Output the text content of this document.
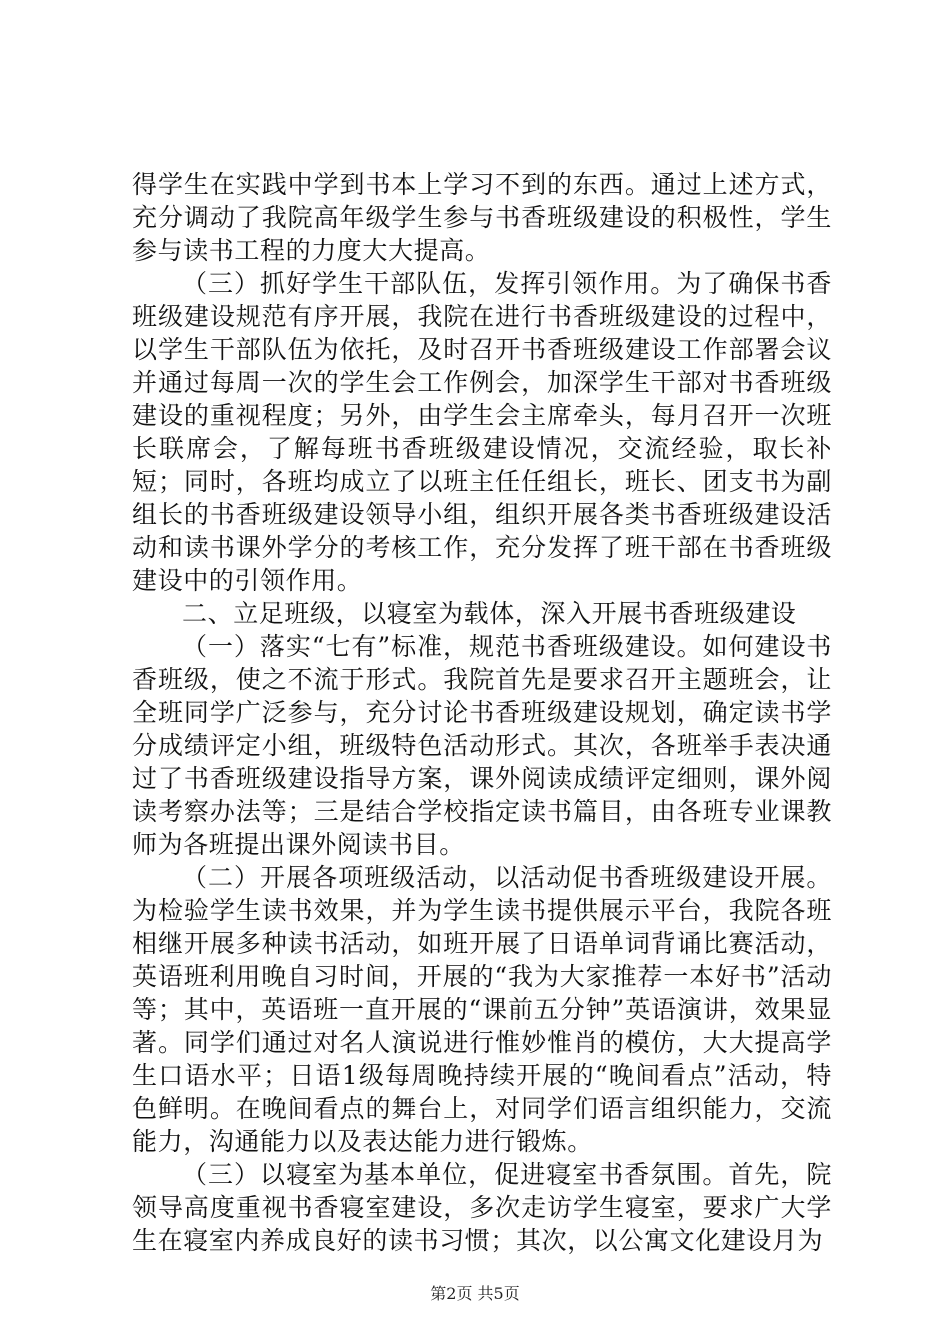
得学生在实践中学到书本上学习不到的东西。通过上述方式，充分调动了我院高年级学生参与书香班级建设的积极性，学生参与读书工程的力度大大提高。

（三）抓好学生干部队伍，发挥引领作用。为了确保书香班级建设规范有序开展，我院在进行书香班级建设的过程中，以学生干部队伍为依托，及时召开书香班级建设工作部署会议并通过每周一次的学生会工作例会，加深学生干部对书香班级建设的重视程度；另外，由学生会主席牵头，每月召开一次班长联席会，了解每班书香班级建设情况，交流经验，取长补短；同时，各班均成立了以班主任任组长，班长、团支书为副组长的书香班级建设领导小组，组织开展各类书香班级建设活动和读书课外学分的考核工作，充分发挥了班干部在书香班级建设中的引领作用。

二、立足班级，以寝室为载体，深入开展书香班级建设

（一）落实“七有”标准，规范书香班级建设。如何建设书香班级，使之不流于形式。我院首先是要求召开主题班会，让全班同学广泛参与，充分讨论书香班级建设规划，确定读书学分成绩评定小组，班级特色活动形式。其次，各班举手表决通过了书香班级建设指导方案，课外阅读成绩评定细则，课外阅读考察办法等；三是结合学校指定读书篇目，由各班专业课教师为各班提出课外阅读书目。

（二）开展各项班级活动，以活动促书香班级建设开展。为检验学生读书效果，并为学生读书提供展示平台，我院各班相继开展多种读书活动，如班开展了日语单词背诵比赛活动，英语班利用晚自习时间，开展的“我为大家推荐一本好书”活动等；其中，英语班一直开展的“课前五分钟”英语演讲，效果显著。同学们通过对名人演说进行惟妙惟肖的模仿，大大提高学生口语水平；日语1级每周晚持续开展的“晚间看点”活动，特色鲜明。在晚间看点的舞台上，对同学们语言组织能力，交流能力，沟通能力以及表达能力进行锻炼。

（三）以寝室为基本单位，促进寝室书香氛围。首先，院领导高度重视书香寝室建设，多次走访学生寝室，要求广大学生在寝室内养成良好的读书习惯；其次，以公寓文化建设月为

第2页 共5页
